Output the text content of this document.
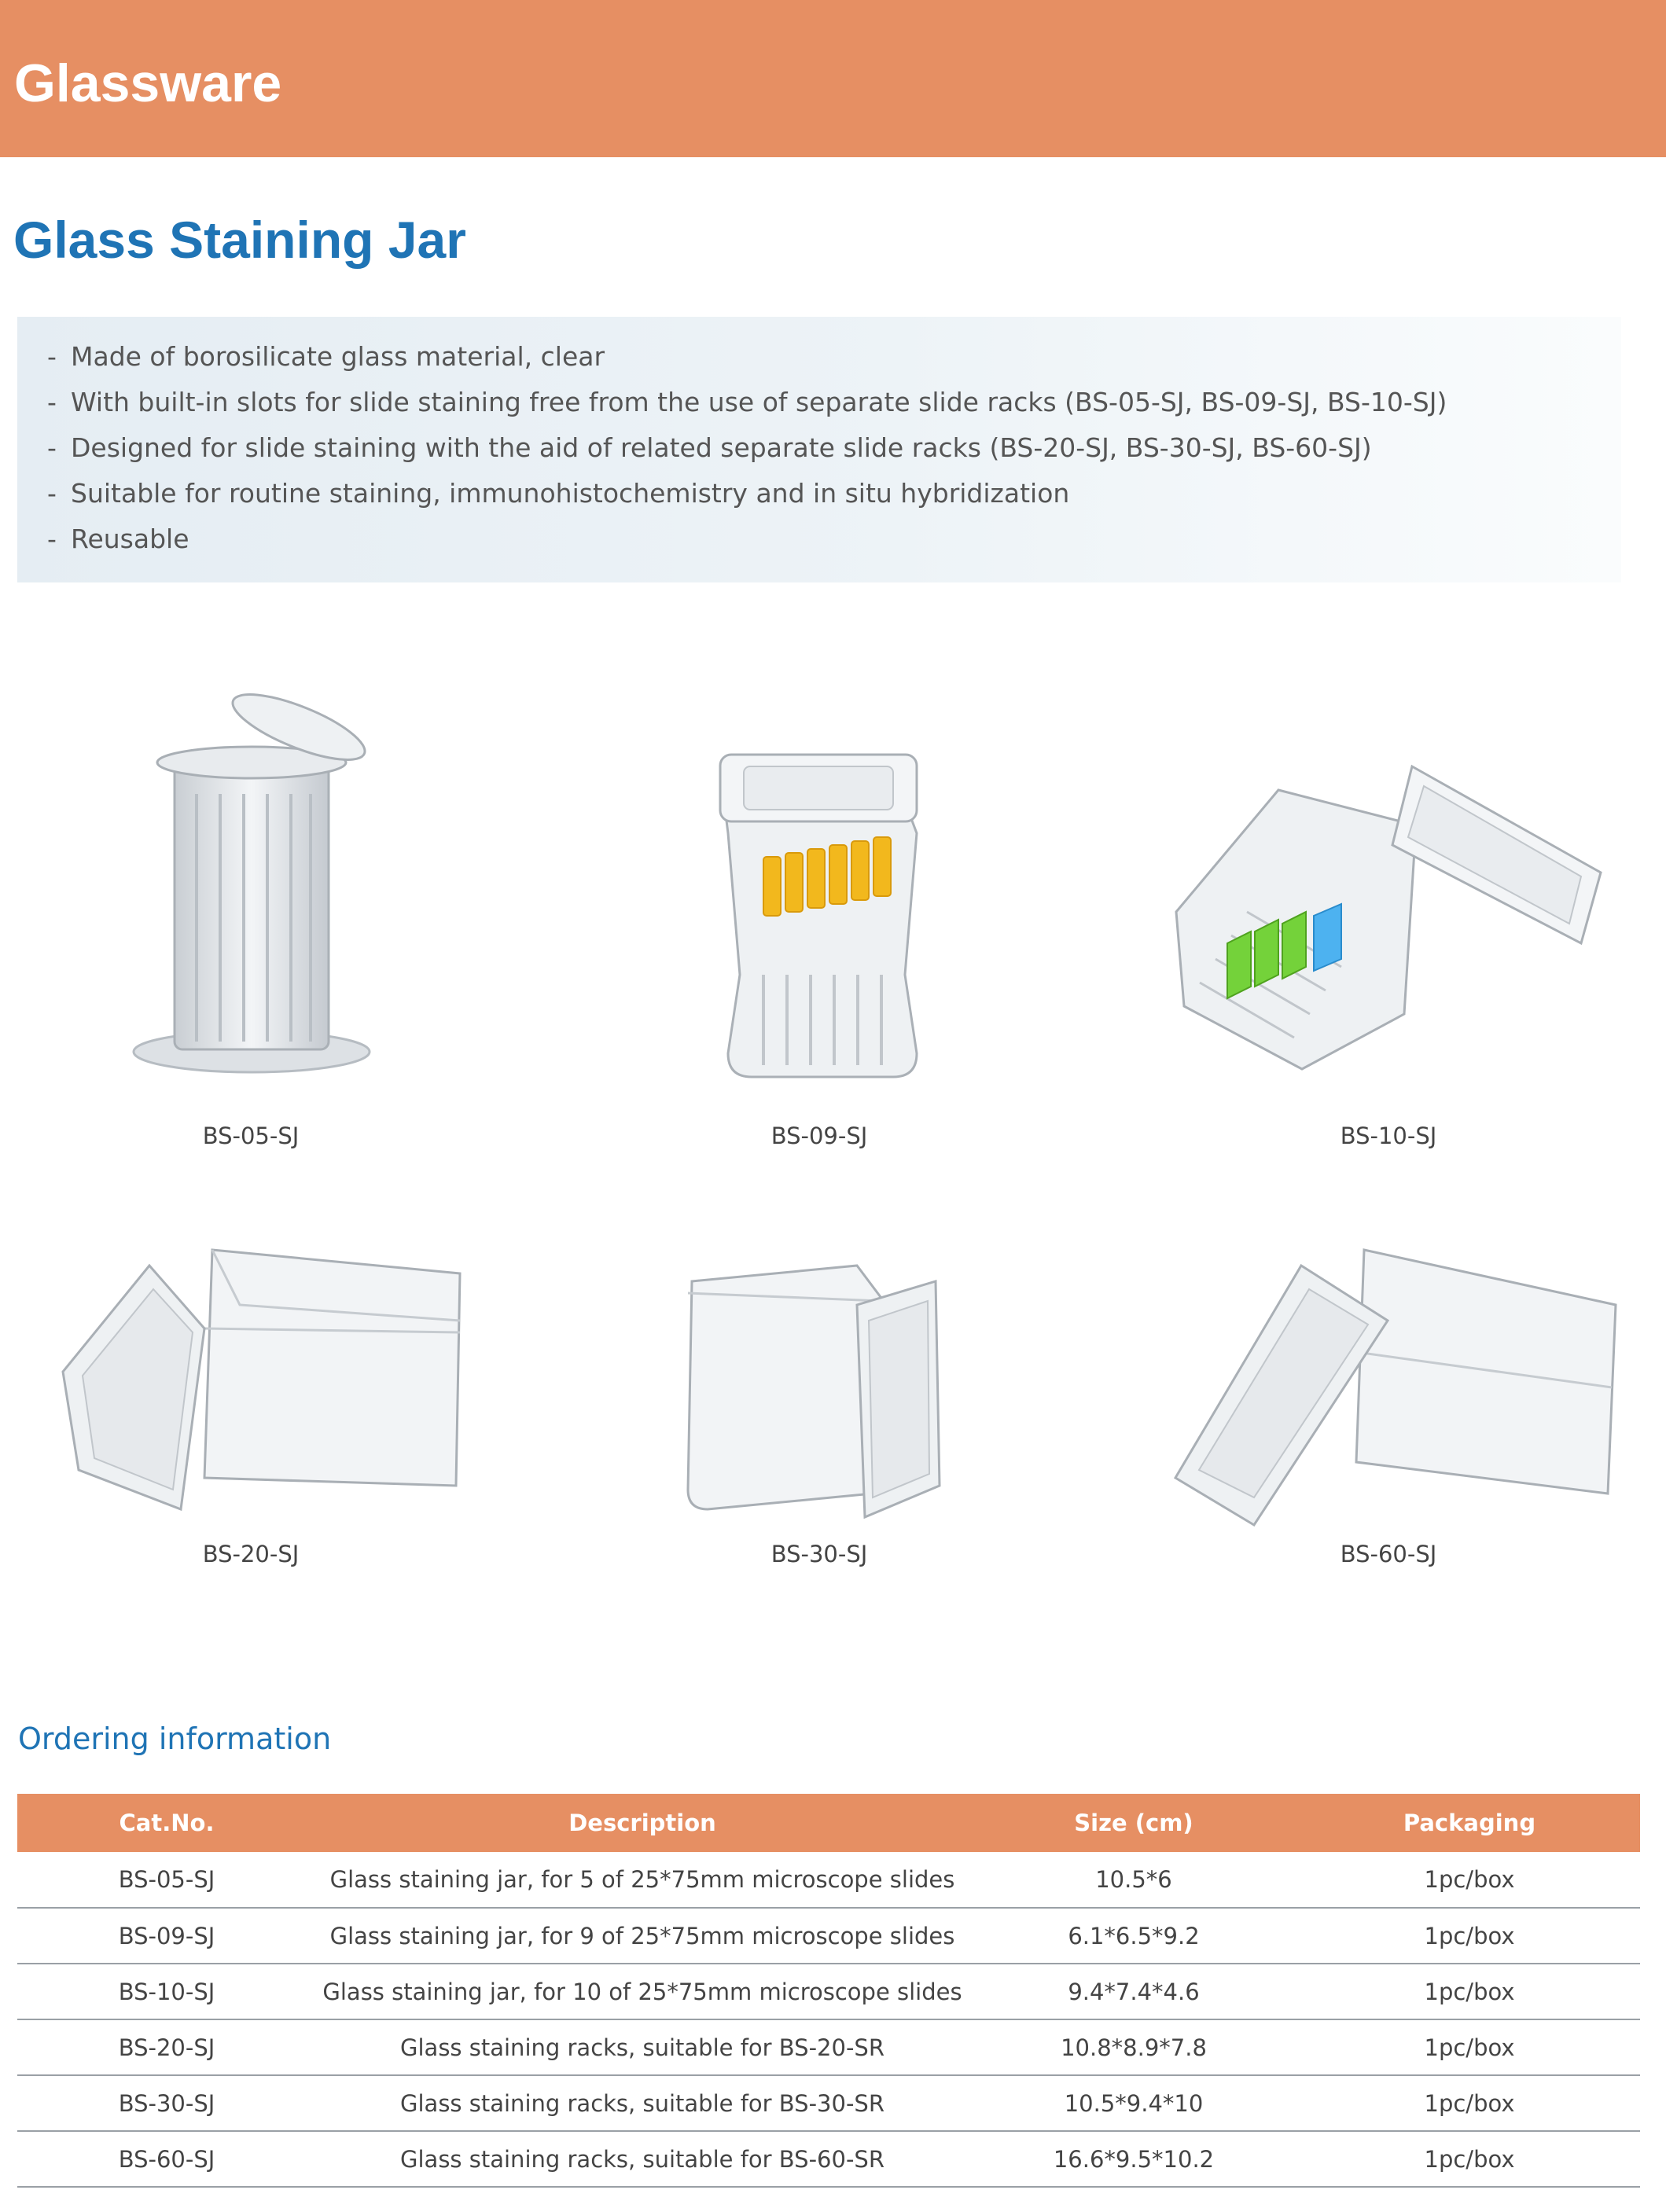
Glassware
Glass Staining Jar
- Made of borosilicate glass material, clear
- With built-in slots for slide staining free from the use of separate slide racks (BS-05-SJ, BS-09-SJ, BS-10-SJ)
- Designed for slide staining with the aid of related separate slide racks (BS-20-SJ, BS-30-SJ, BS-60-SJ)
- Suitable for routine staining, immunohistochemistry and in situ hybridization
- Reusable
BS-05-SJ	BS-09-SJ	BS-10-SJ
BS-20-SJ	BS-30-SJ	BS-60-SJ
Ordering information
Cat.No.	Description	Size (cm)	Packaging
BS-05-SJ	Glass staining jar, for 5 of 25*75mm microscope slides	10.5*6	1pc/box
BS-09-SJ	Glass staining jar, for 9 of 25*75mm microscope slides	6.1*6.5*9.2	1pc/box
BS-10-SJ	Glass staining jar, for 10 of 25*75mm microscope slides	9.4*7.4*4.6	1pc/box
BS-20-SJ	Glass staining racks, suitable for BS-20-SR	10.8*8.9*7.8	1pc/box
BS-30-SJ	Glass staining racks, suitable for BS-30-SR	10.5*9.4*10	1pc/box
BS-60-SJ	Glass staining racks, suitable for BS-60-SR	16.6*9.5*10.2	1pc/box
